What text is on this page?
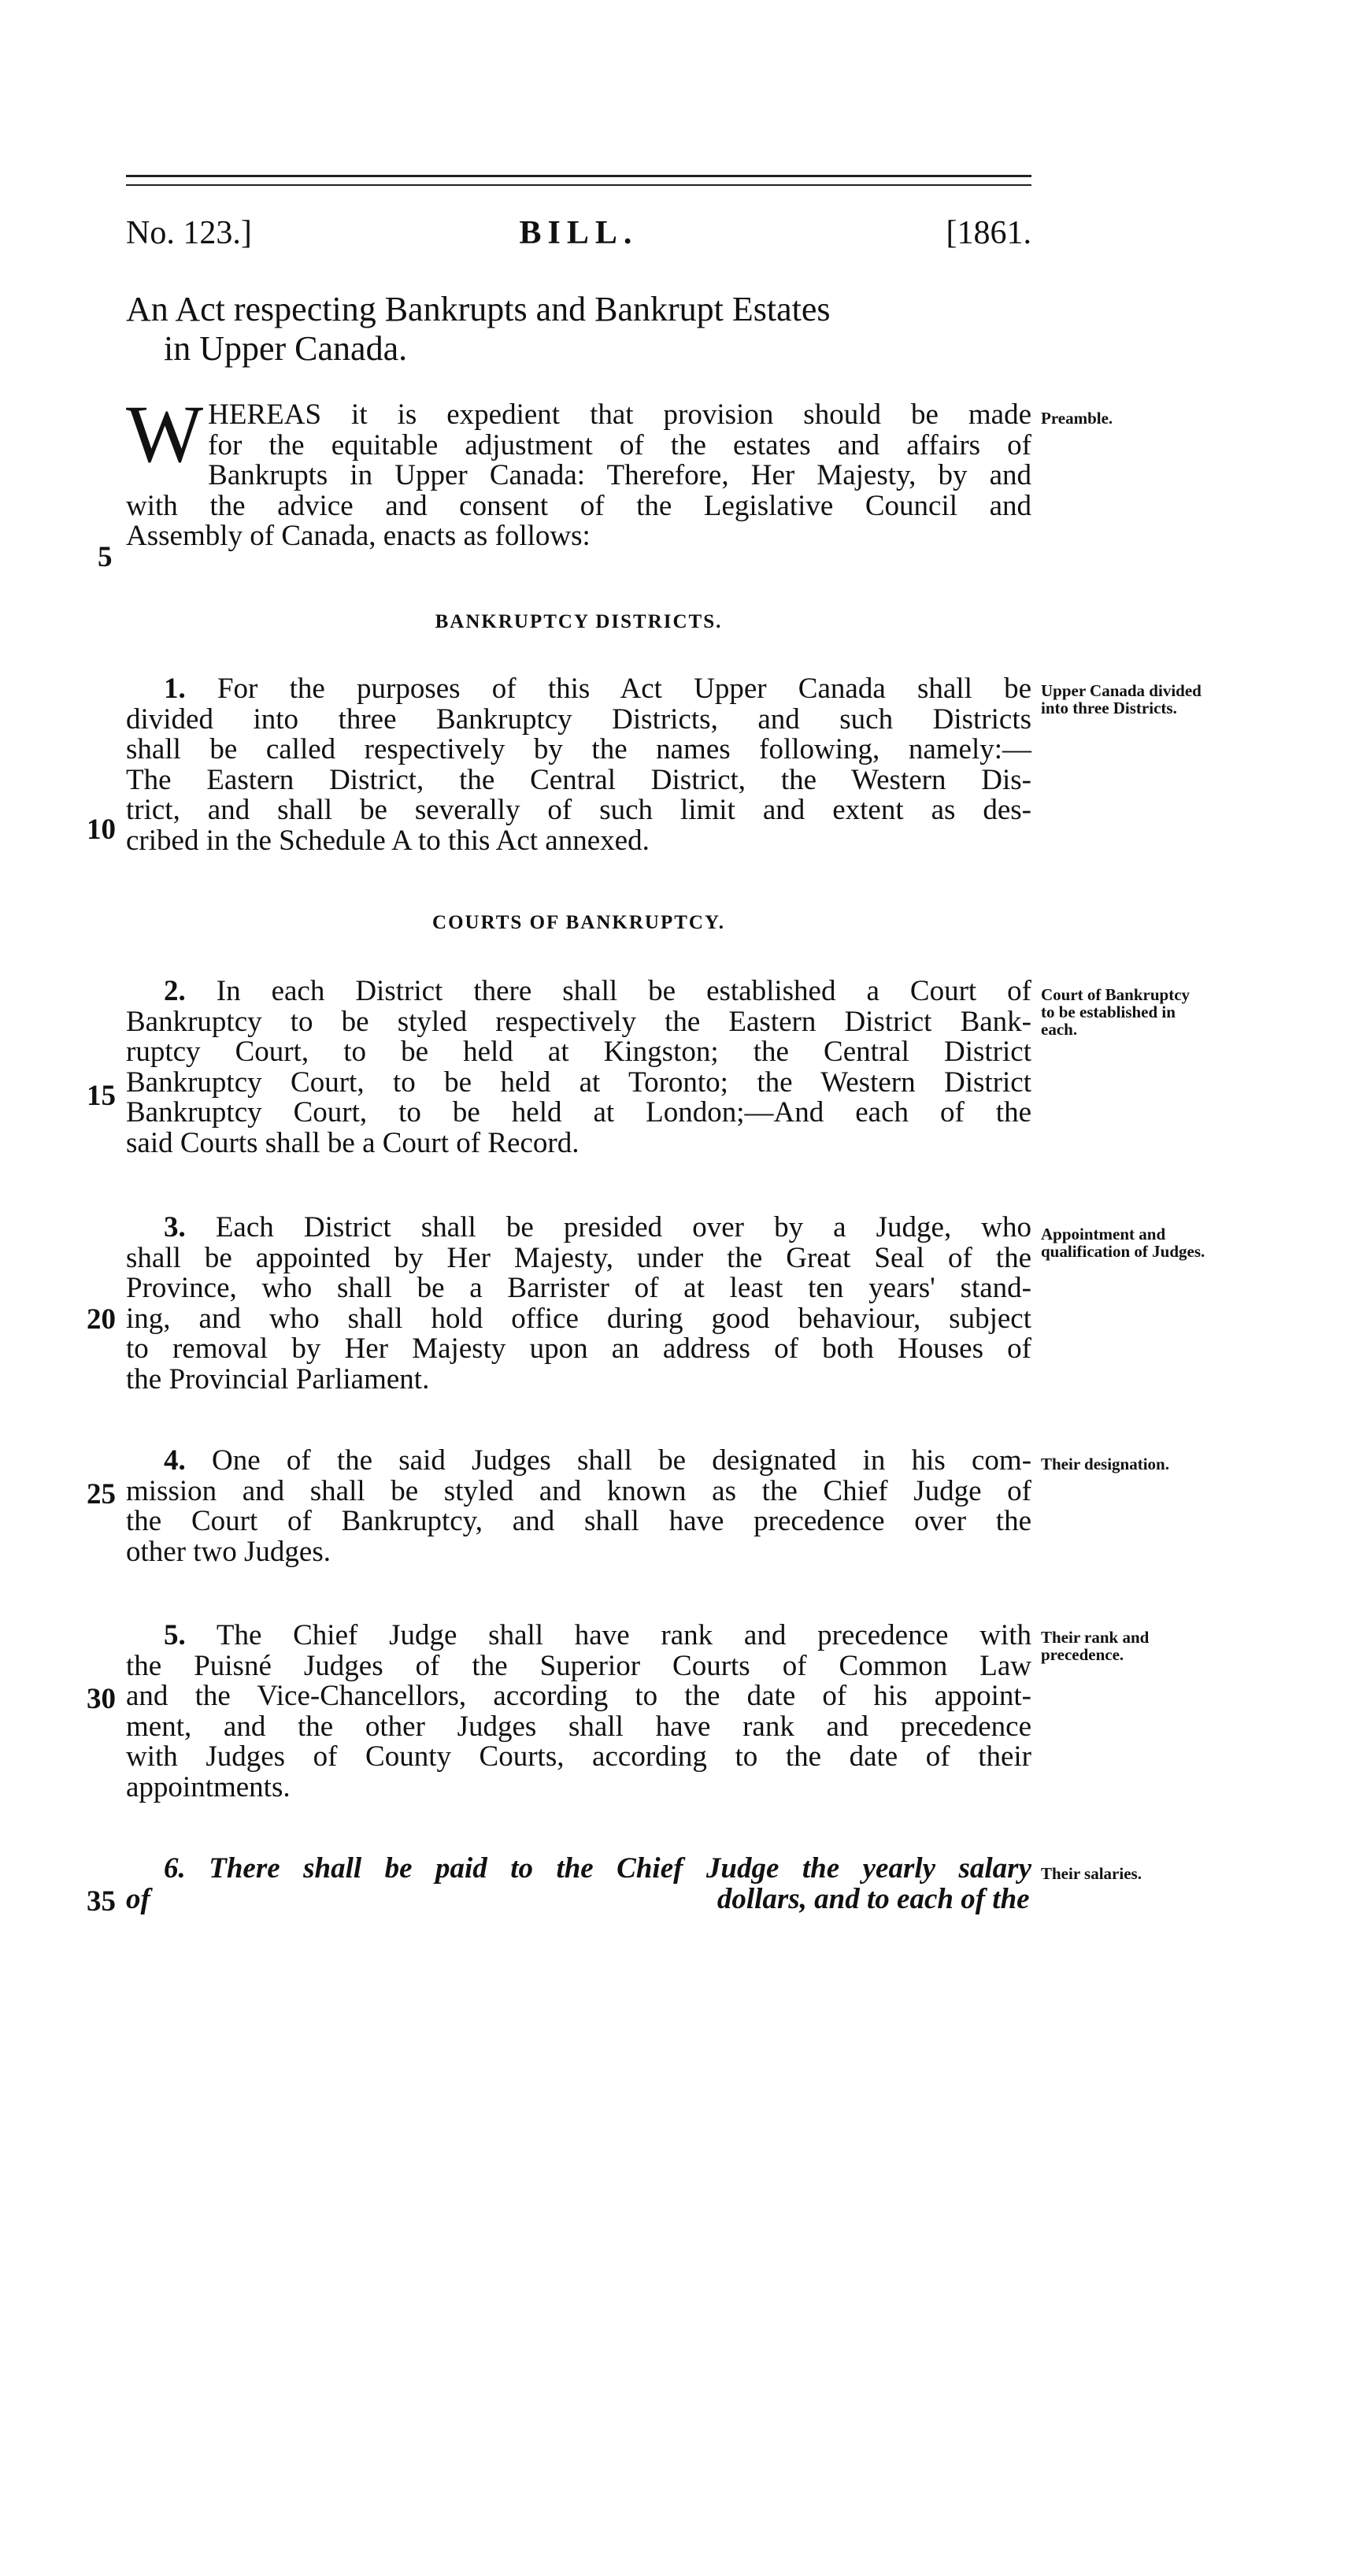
No. 123.]	BILL.	[1861.
An Act respecting Bankrupts and Bankrupt Estates
in Upper Canada.
W HEREAS it is expedient that provision should be made
for the equitable adjustment of the estates and affairs of
Bankrupts in Upper Canada: Therefore, Her Majesty, by and
with the advice and consent of the Legislative Council and
Assembly of Canada, enacts as follows:
BANKRUPTCY DISTRICTS.
1. For the purposes of this Act Upper Canada shall be
divided into three Bankruptcy Districts, and such Districts
shall be called respectively by the names following, namely:—
The Eastern District, the Central District, the Western Dis-
trict, and shall be severally of such limit and extent as des-
cribed in the Schedule A to this Act annexed.
COURTS OF BANKRUPTCY.
2. In each District there shall be established a Court of
Bankruptcy to be styled respectively the Eastern District Bank-
ruptcy Court, to be held at Kingston; the Central District
Bankruptcy Court, to be held at Toronto; the Western District
Bankruptcy Court, to be held at London;—And each of the
said Courts shall be a Court of Record.
3. Each District shall be presided over by a Judge, who
shall be appointed by Her Majesty, under the Great Seal of the
Province, who shall be a Barrister of at least ten years' stand-
ing, and who shall hold office during good behaviour, subject
to removal by Her Majesty upon an address of both Houses of
the Provincial Parliament.
4. One of the said Judges shall be designated in his com-
mission and shall be styled and known as the Chief Judge of
the Court of Bankruptcy, and shall have precedence over the
other two Judges.
5. The Chief Judge shall have rank and precedence with
the Puisné Judges of the Superior Courts of Common Law
and the Vice-Chancellors, according to the date of his appoint-
ment, and the other Judges shall have rank and precedence
with Judges of County Courts, according to the date of their
appointments.
6. There shall be paid to the Chief Judge the yearly salary
of	dollars, and to each of the
Preamble.
Upper Canada divided into three Districts.
Court of Bankruptcy to be established in each.
Appointment and qualification of Judges.
Their designation.
Their rank and precedence.
Their salaries.
5
10
15
20
25
30
35
